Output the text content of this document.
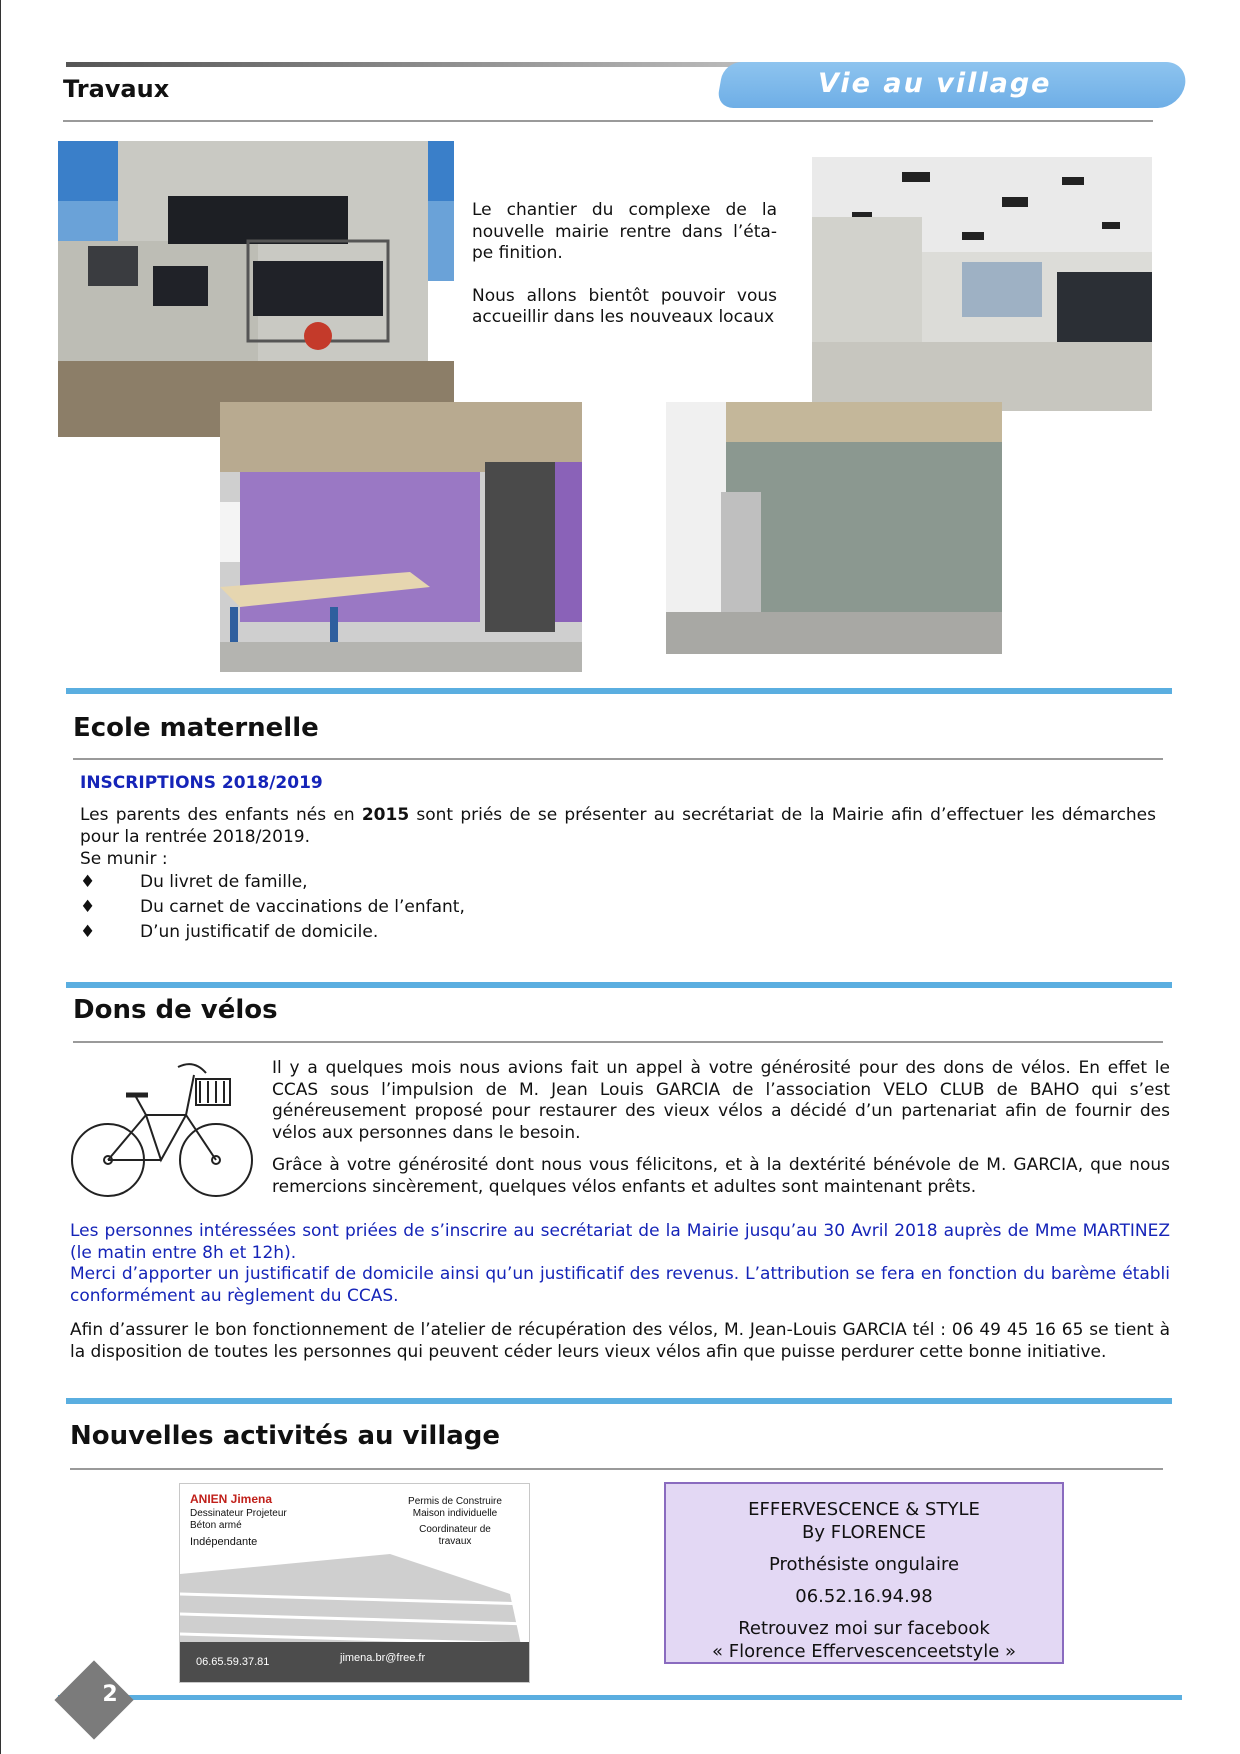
Vie au village
Travaux
Le chantier du complexe de la nouvelle mairie rentre dans l’éta-pe finition.
Nous allons bientôt pouvoir vous accueillir dans les nouveaux locaux
Ecole maternelle
INSCRIPTIONS 2018/2019
Les parents des enfants nés en 2015 sont priés de se présenter au secrétariat de la Mairie afin d’effectuer les démarches pour la rentrée 2018/2019.
Se munir :
♦	Du livret de famille,
♦	Du carnet de vaccinations de l’enfant,
♦	D’un justificatif de domicile.
Dons de vélos
Il y a quelques mois nous avions fait un appel à votre générosité pour des dons de vélos. En effet le CCAS sous l’impulsion de M. Jean Louis GARCIA de l’association VELO CLUB de BAHO qui s’est généreusement proposé pour restaurer des vieux vélos a décidé d’un partenariat afin de fournir des vélos aux personnes dans le besoin.
Grâce à votre générosité dont nous vous félicitons, et à la dextérité bénévole de M. GARCIA, que nous remercions sincèrement, quelques vélos enfants et adultes sont maintenant prêts.
Les personnes intéressées sont priées de s’inscrire au secrétariat de la Mairie jusqu’au 30 Avril 2018 auprès de Mme MARTINEZ (le matin entre 8h et 12h).
Merci d’apporter un justificatif de domicile ainsi qu’un justificatif des revenus. L’attribution se fera en fonction du barème établi conformément au règlement du CCAS.
Afin d’assurer le bon fonctionnement de l’atelier de récupération des vélos, M. Jean-Louis GARCIA tél : 06 49 45 16 65 se tient à la disposition de toutes les personnes qui peuvent céder leurs vieux vélos afin que puisse perdurer cette bonne initiative.
Nouvelles activités au village
ANIEN Jimena
Dessinateur Projeteur
Béton armé
Indépendante
Permis de Construire
Maison individuelle
Coordinateur de
travaux
06.65.59.37.81	jimena.br@free.fr
EFFERVESCENCE & STYLE
By FLORENCE
Prothésiste ongulaire
06.52.16.94.98
Retrouvez moi sur facebook
« Florence Effervescenceetstyle »
2
